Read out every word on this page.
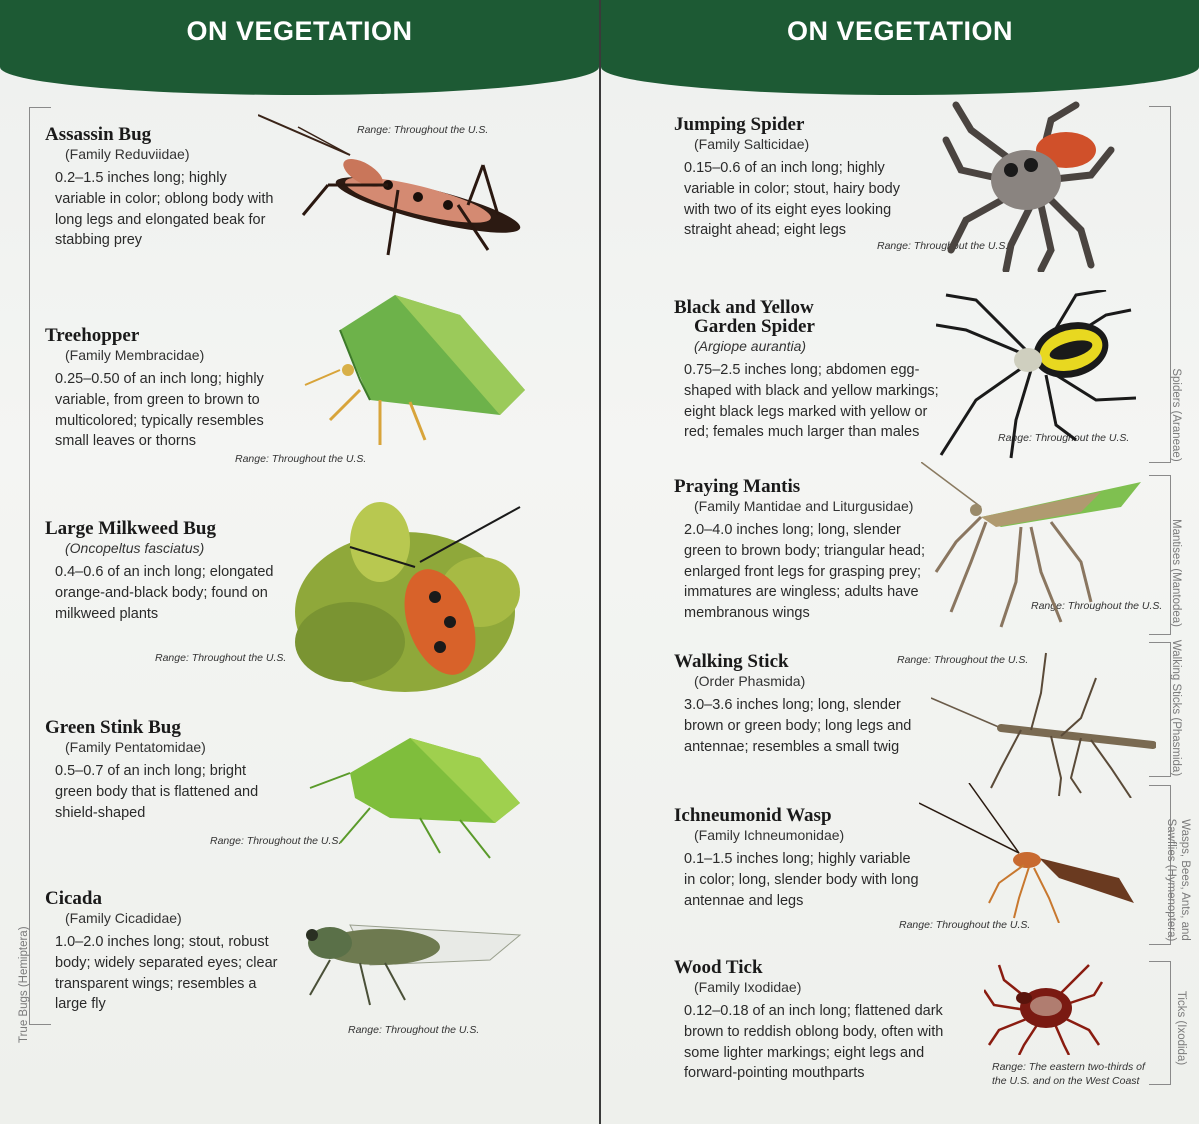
ON VEGETATION
True Bugs (Hemiptera)
Assassin Bug
(Family Reduviidae)
0.2–1.5 inches long; highly variable in color; oblong body with long legs and elongated beak for stabbing prey
Range: Throughout the U.S.
Treehopper
(Family Membracidae)
0.25–0.50 of an inch long; highly variable, from green to brown to multicolored; typically resembles small leaves or thorns
Range: Throughout the U.S.
Large Milkweed Bug
(Oncopeltus fasciatus)
0.4–0.6 of an inch long; elongated orange-and-black body; found on milkweed plants
Range: Throughout the U.S.
Green Stink Bug
(Family Pentatomidae)
0.5–0.7 of an inch long; bright green body that is flattened and shield-shaped
Range: Throughout the U.S.
Cicada
(Family Cicadidae)
1.0–2.0 inches long; stout, robust body; widely separated eyes; clear transparent wings; resembles a large fly
Range: Throughout the U.S.
ON VEGETATION
Spiders (Araneae)
Mantises (Mantodea)
Walking Sticks (Phasmida)
Wasps, Bees, Ants, and
Sawflies (Hymenoptera)
Ticks (Ixodida)
Jumping Spider
(Family Salticidae)
0.15–0.6 of an inch long; highly variable in color; stout, hairy body with two of its eight eyes looking straight ahead; eight legs
Range: Throughout the U.S.
Black and Yellow
Garden Spider
(Argiope aurantia)
0.75–2.5 inches long; abdomen egg-shaped with black and yellow markings; eight black legs marked with yellow or red; females much larger than males	Range: Throughout the U.S.
Praying Mantis
(Family Mantidae and Liturgusidae)
2.0–4.0 inches long; long, slender green to brown body; triangular head; enlarged front legs for grasping prey; immatures are wingless; adults have membranous wings	Range: Throughout the U.S.
Walking Stick
(Order Phasmida)
3.0–3.6 inches long; long, slender brown or green body; long legs and antennae; resembles a small twig
Range: Throughout the U.S.
Ichneumonid Wasp
(Family Ichneumonidae)
0.1–1.5 inches long; highly variable in color; long, slender body with long antennae and legs
Range: Throughout the U.S.
Wood Tick
(Family Ixodidae)
0.12–0.18 of an inch long; flattened dark brown to reddish oblong body, often with some lighter markings; eight legs and forward-pointing mouthparts	Range: The eastern two-thirds of the U.S. and on the West Coast
